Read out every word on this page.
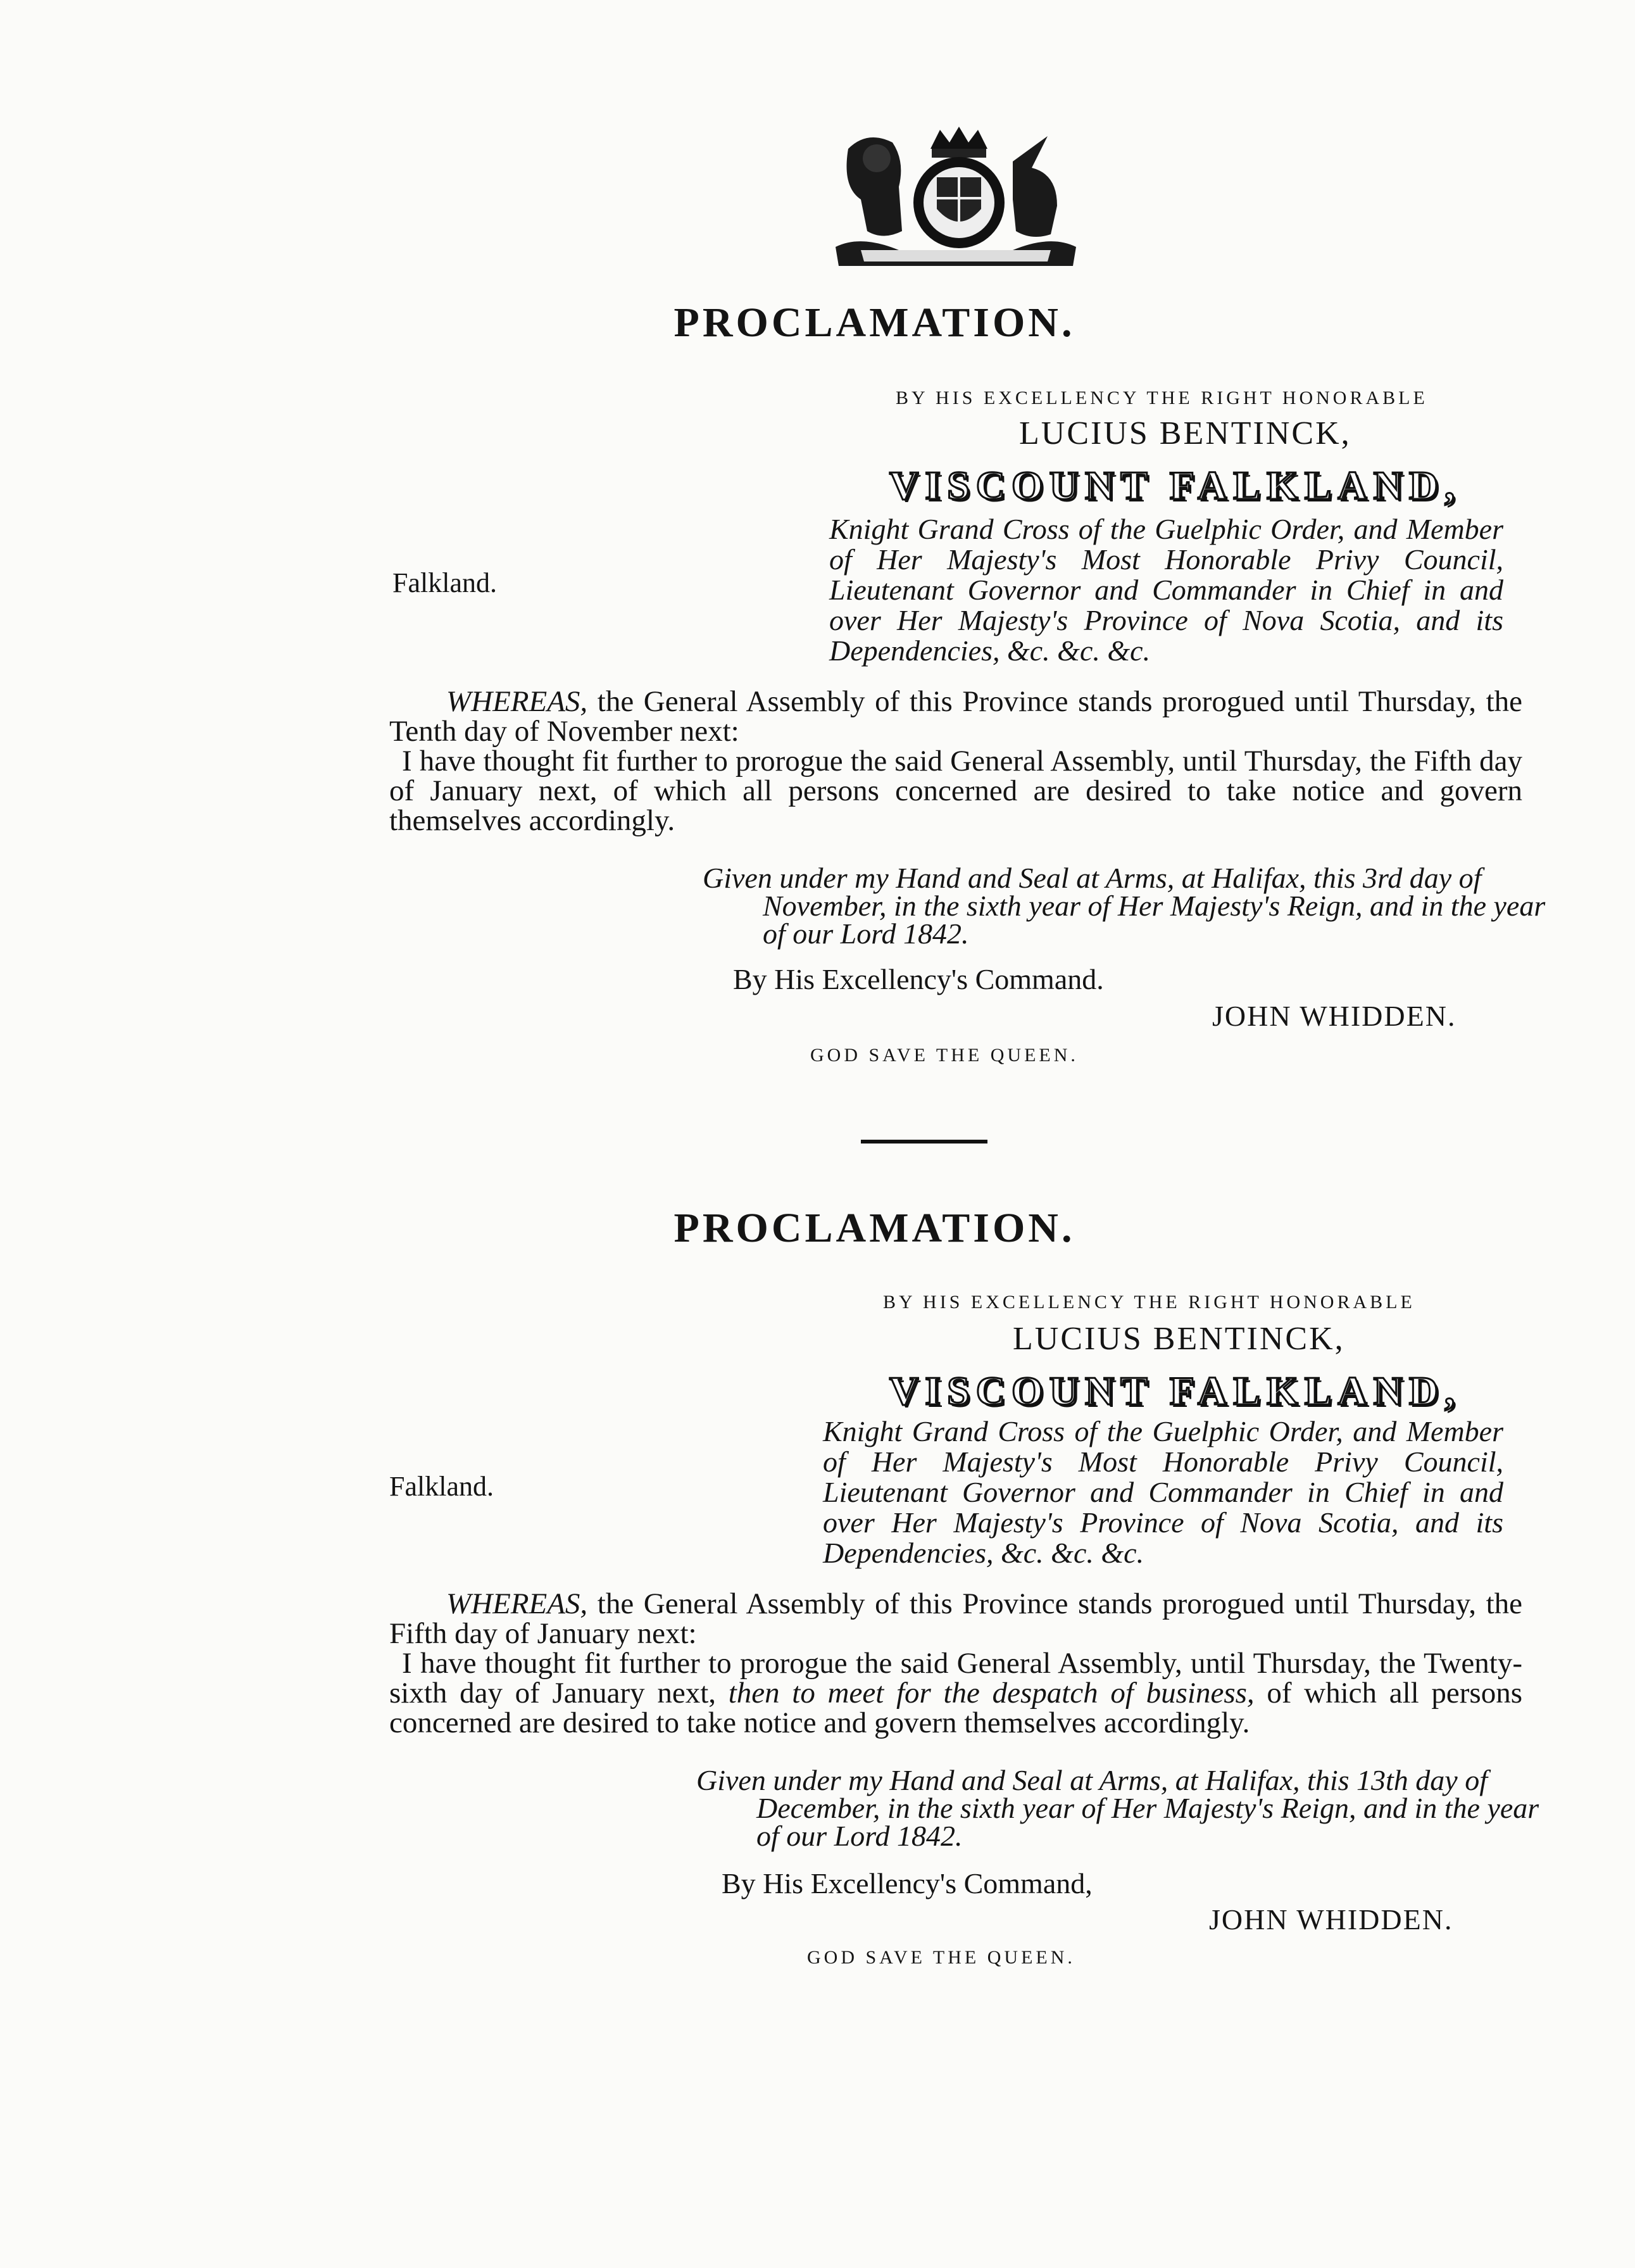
PROCLAMATION.
BY HIS EXCELLENCY THE RIGHT HONORABLE
LUCIUS BENTINCK,
VISCOUNT FALKLAND,
Knight Grand Cross of the Guelphic Order, and Member of Her Majesty's Most Honorable Privy Council, Lieutenant Governor and Commander in Chief in and over Her Majesty's Province of Nova Scotia, and its Dependencies, &c. &c. &c.
Falkland.

WHEREAS, the General Assembly of this Province stands prorogued until Thursday, the Tenth day of November next:

I have thought fit further to prorogue the said General Assembly, until Thursday, the Fifth day of January next, of which all persons concerned are desired to take notice and govern themselves accordingly.

Given under my Hand and Seal at Arms, at Halifax, this 3rd day of November, in the sixth year of Her Majesty's Reign, and in the year of our Lord 1842.
By His Excellency's Command.
JOHN WHIDDEN.
GOD SAVE THE QUEEN.
PROCLAMATION.
BY HIS EXCELLENCY THE RIGHT HONORABLE
LUCIUS BENTINCK,
VISCOUNT FALKLAND,
Knight Grand Cross of the Guelphic Order, and Member of Her Majesty's Most Honorable Privy Council, Lieutenant Governor and Commander in Chief in and over Her Majesty's Province of Nova Scotia, and its Dependencies, &c. &c. &c.
Falkland.

WHEREAS, the General Assembly of this Province stands prorogued until Thursday, the Fifth day of January next:

I have thought fit further to prorogue the said General Assembly, until Thursday, the Twenty-sixth day of January next, then to meet for the despatch of business, of which all persons concerned are desired to take notice and govern themselves accordingly.

Given under my Hand and Seal at Arms, at Halifax, this 13th day of December, in the sixth year of Her Majesty's Reign, and in the year of our Lord 1842.
By His Excellency's Command,
JOHN WHIDDEN.
GOD SAVE THE QUEEN.
